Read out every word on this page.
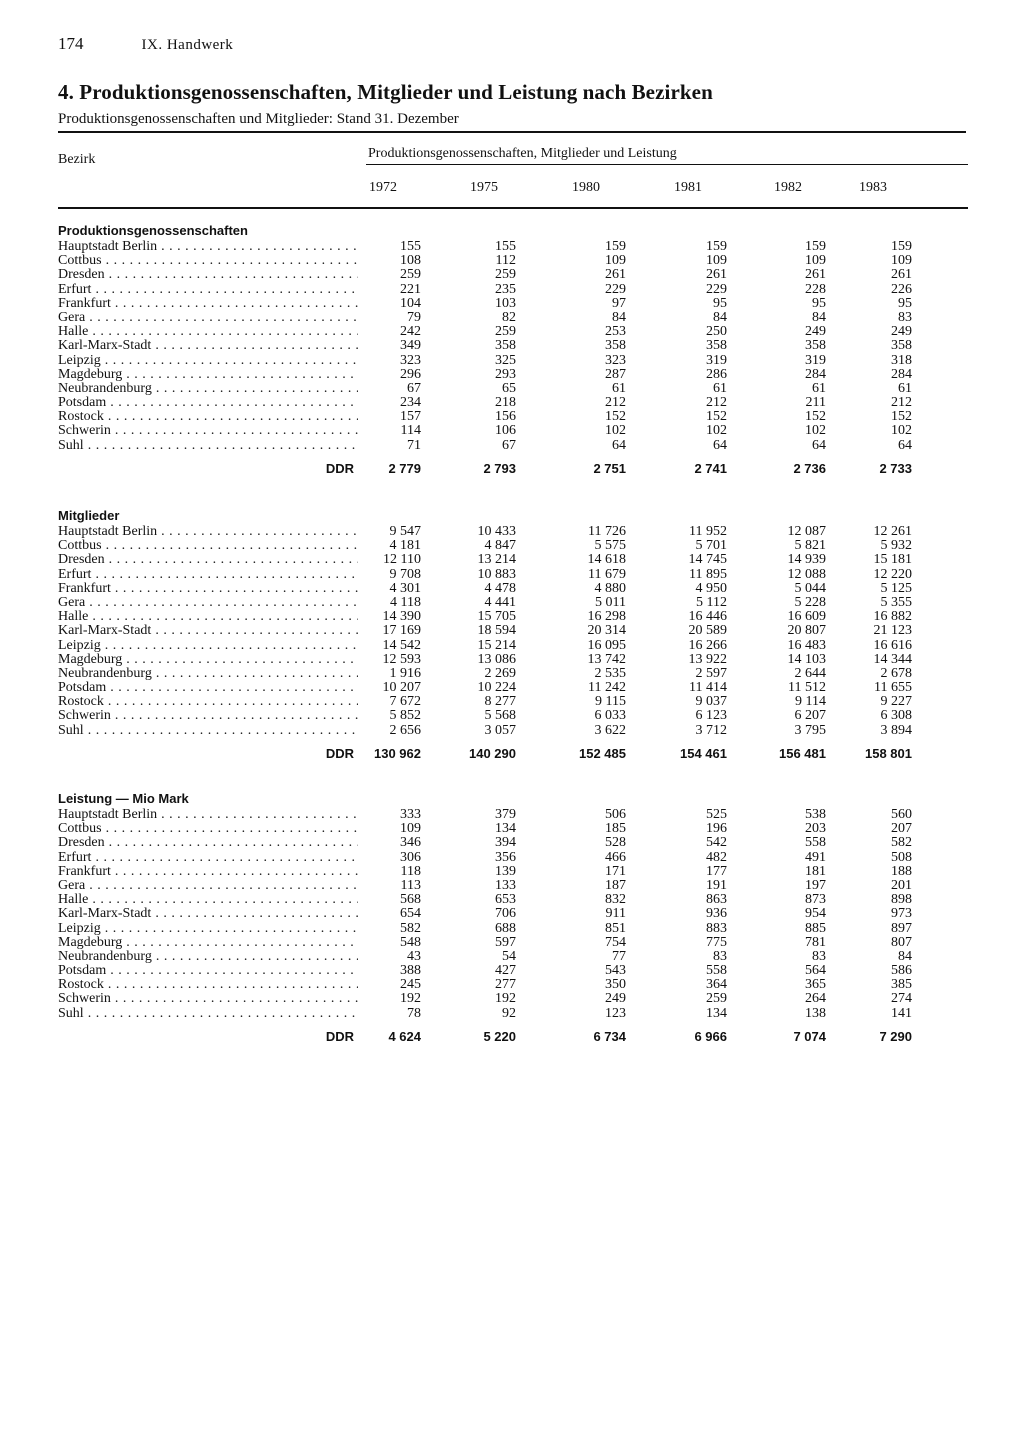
174	IX. Handwerk
4. Produktionsgenossenschaften, Mitglieder und Leistung nach Bezirken
Produktionsgenossenschaften und Mitglieder: Stand 31. Dezember
Bezirk	Produktionsgenossenschaften, Mitglieder und Leistung
1972	1975	1980	1981	1982	1983
Produktionsgenossenschaften
Hauptstadt Berlin . . .	155	155	159	159	159	159
Cottbus . . .	108	112	109	109	109	109
Dresden . . .	259	259	261	261	261	261
Erfurt . . .	221	235	229	229	228	226
Frankfurt . . .	104	103	97	95	95	95
Gera . . .	79	82	84	84	84	83
Halle . . .	242	259	253	250	249	249
Karl-Marx-Stadt . . .	349	358	358	358	358	358
Leipzig . . .	323	325	323	319	319	318
Magdeburg . . .	296	293	287	286	284	284
Neubrandenburg . . .	67	65	61	61	61	61
Potsdam . . .	234	218	212	212	211	212
Rostock . . .	157	156	152	152	152	152
Schwerin . . .	114	106	102	102	102	102
Suhl . . .	71	67	64	64	64	64
DDR	2 779	2 793	2 751	2 741	2 736	2 733
Mitglieder
Hauptstadt Berlin . . .	9 547	10 433	11 726	11 952	12 087	12 261
Cottbus . . .	4 181	4 847	5 575	5 701	5 821	5 932
Dresden . . .	12 110	13 214	14 618	14 745	14 939	15 181
Erfurt . . .	9 708	10 883	11 679	11 895	12 088	12 220
Frankfurt . . .	4 301	4 478	4 880	4 950	5 044	5 125
Gera . . .	4 118	4 441	5 011	5 112	5 228	5 355
Halle . . .	14 390	15 705	16 298	16 446	16 609	16 882
Karl-Marx-Stadt . . .	17 169	18 594	20 314	20 589	20 807	21 123
Leipzig . . .	14 542	15 214	16 095	16 266	16 483	16 616
Magdeburg . . .	12 593	13 086	13 742	13 922	14 103	14 344
Neubrandenburg . . .	1 916	2 269	2 535	2 597	2 644	2 678
Potsdam . . .	10 207	10 224	11 242	11 414	11 512	11 655
Rostock . . .	7 672	8 277	9 115	9 037	9 114	9 227
Schwerin . . .	5 852	5 568	6 033	6 123	6 207	6 308
Suhl . . .	2 656	3 057	3 622	3 712	3 795	3 894
DDR	130 962	140 290	152 485	154 461	156 481	158 801
Leistung — Mio Mark
Hauptstadt Berlin . . .	333	379	506	525	538	560
Cottbus . . .	109	134	185	196	203	207
Dresden . . .	346	394	528	542	558	582
Erfurt . . .	306	356	466	482	491	508
Frankfurt . . .	118	139	171	177	181	188
Gera . . .	113	133	187	191	197	201
Halle . . .	568	653	832	863	873	898
Karl-Marx-Stadt . . .	654	706	911	936	954	973
Leipzig . . .	582	688	851	883	885	897
Magdeburg . . .	548	597	754	775	781	807
Neubrandenburg . . .	43	54	77	83	83	84
Potsdam . . .	388	427	543	558	564	586
Rostock . . .	245	277	350	364	365	385
Schwerin . . .	192	192	249	259	264	274
Suhl . . .	78	92	123	134	138	141
DDR	4 624	5 220	6 734	6 966	7 074	7 290
